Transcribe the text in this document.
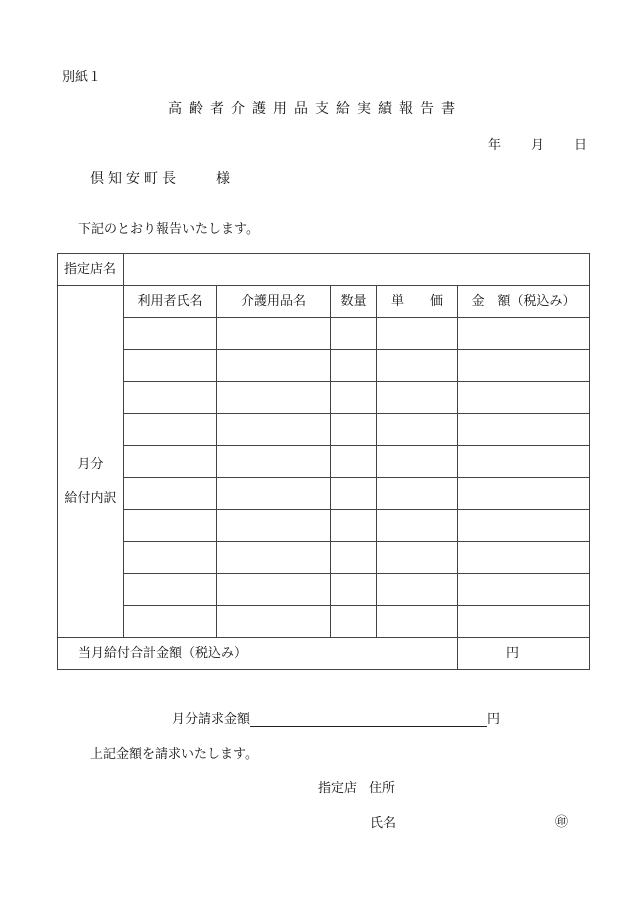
別紙１
高齢者介護用品支給実績報告書
年 月 日
倶知安町長　　様
下記のとおり報告いたします。
指定店名					

月分
給付内訳	利用者氏名	介護用品名	数量	単　　価	金　額（税込み）

当月給付合計金額（税込み）					円
月分請求金額	円
上記金額を請求いたします。
指定店 住所
氏名	㊞
